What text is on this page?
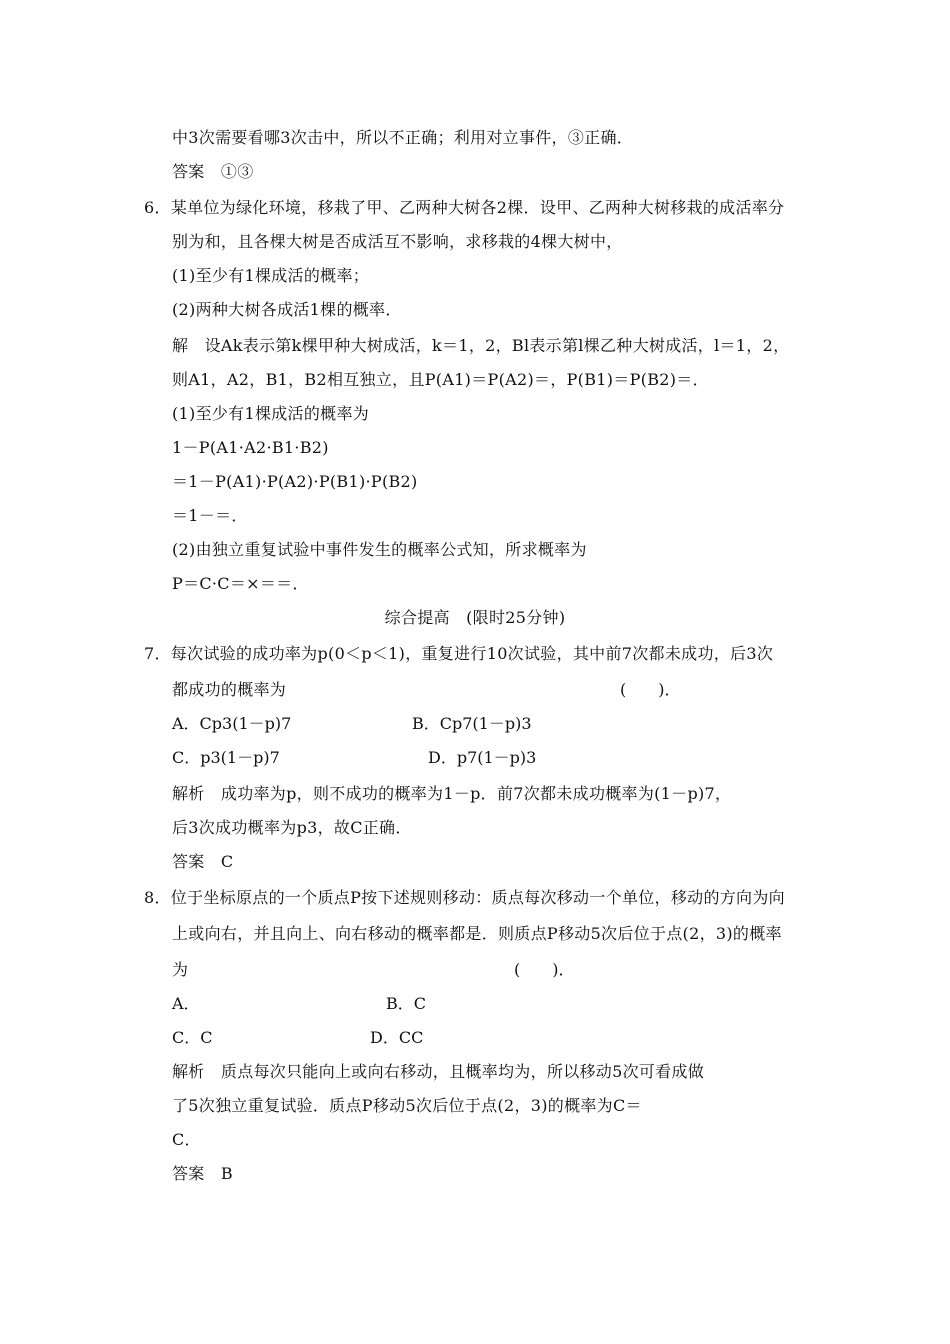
中3次需要看哪3次击中，所以不正确；利用对立事件，③正确．
答案　①③
6．某单位为绿化环境，移栽了甲、乙两种大树各2棵．设甲、乙两种大树移栽的成活率分
别为和，且各棵大树是否成活互不影响，求移栽的4棵大树中，
(1)至少有1棵成活的概率；
(2)两种大树各成活1棵的概率．
解　设Ak表示第k棵甲种大树成活，k＝1，2，Bl表示第l棵乙种大树成活，l＝1，2，
则A1，A2，B1，B2相互独立，且P(A1)＝P(A2)＝，P(B1)＝P(B2)＝．
(1)至少有1棵成活的概率为
1－P(A1·A2·B1·B2)
＝1－P(A1)·P(A2)·P(B1)·P(B2)
＝1－＝．
(2)由独立重复试验中事件发生的概率公式知，所求概率为
P＝C·C＝×＝＝．
综合提高　(限时25分钟)
7．每次试验的成功率为p(0＜p＜1)，重复进行10次试验，其中前7次都未成功，后3次
都成功的概率为	(　　)．
A．Cp3(1－p)7	B．Cp7(1－p)3
C．p3(1－p)7	D．p7(1－p)3
解析　成功率为p，则不成功的概率为1－p．前7次都未成功概率为(1－p)7，
后3次成功概率为p3，故C正确．
答案　C
8．位于坐标原点的一个质点P按下述规则移动：质点每次移动一个单位，移动的方向为向
上或向右，并且向上、向右移动的概率都是．则质点P移动5次后位于点(2，3)的概率
为	(　　)．
A．	B．C
C．C	D．CC
解析　质点每次只能向上或向右移动，且概率均为，所以移动5次可看成做
了5次独立重复试验．质点P移动5次后位于点(2，3)的概率为C＝
C．
答案　B
